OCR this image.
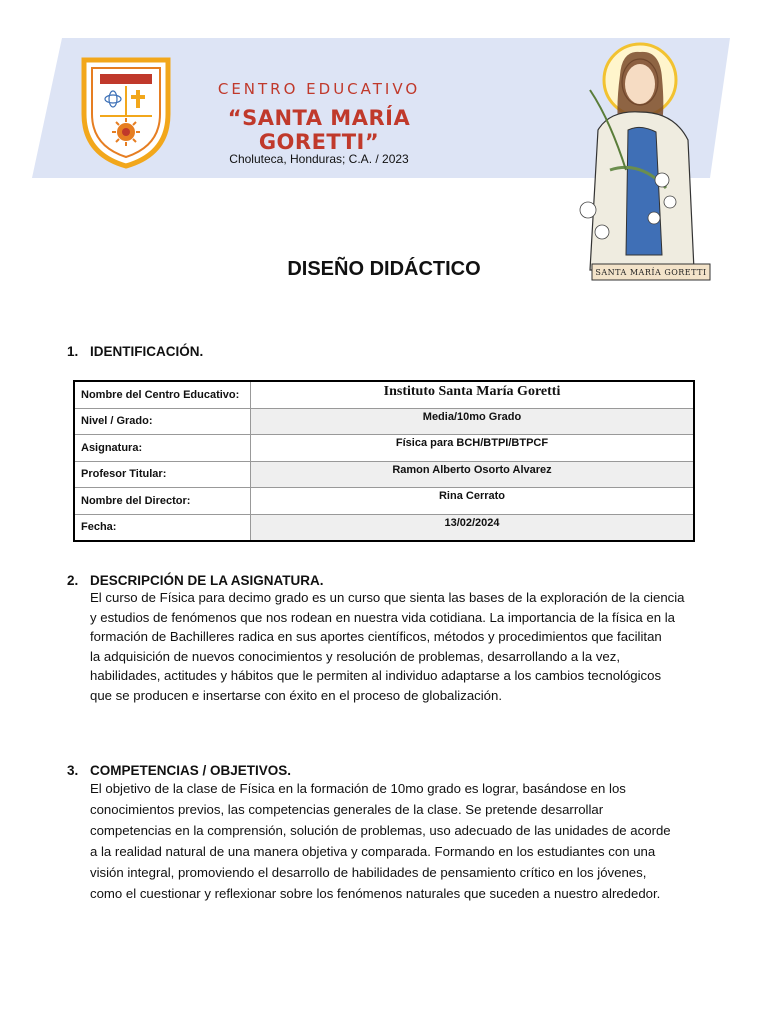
CENTRO EDUCATIVO
“SANTA MARÍA GORETTI”
Choluteca, Honduras; C.A. / 2023
SANTA MARÍA GORETTI
DISEÑO DIDÁCTICO
1. IDENTIFICACIÓN.
Nombre del Centro Educativo:	Instituto Santa María Goretti
Nivel / Grado:	Media/10mo Grado
Asignatura:	Física para BCH/BTPI/BTPCF
Profesor Titular:	Ramon Alberto Osorto Alvarez
Nombre del Director:	Rina Cerrato
Fecha:	13/02/2024
2. DESCRIPCIÓN DE LA ASIGNATURA.
El curso de Física para decimo grado es un curso que sienta las bases de la exploración de la ciencia
y estudios de fenómenos que nos rodean en nuestra vida cotidiana. La importancia de la física en la
formación de Bachilleres radica en sus aportes científicos, métodos y procedimientos que facilitan
la adquisición de nuevos conocimientos y resolución de problemas, desarrollando a la vez,
habilidades, actitudes y hábitos que le permiten al individuo adaptarse a los cambios tecnológicos
que se producen e insertarse con éxito en el proceso de globalización.
3. COMPETENCIAS / OBJETIVOS.
El objetivo de la clase de Física en la formación de 10mo grado es lograr, basándose en los
conocimientos previos, las competencias generales de la clase. Se pretende desarrollar
competencias en la comprensión, solución de problemas, uso adecuado de las unidades de acorde
a la realidad natural de una manera objetiva y comparada. Formando en los estudiantes con una
visión integral, promoviendo el desarrollo de habilidades de pensamiento crítico en los jóvenes,
como el cuestionar y reflexionar sobre los fenómenos naturales que suceden a nuestro alrededor.
